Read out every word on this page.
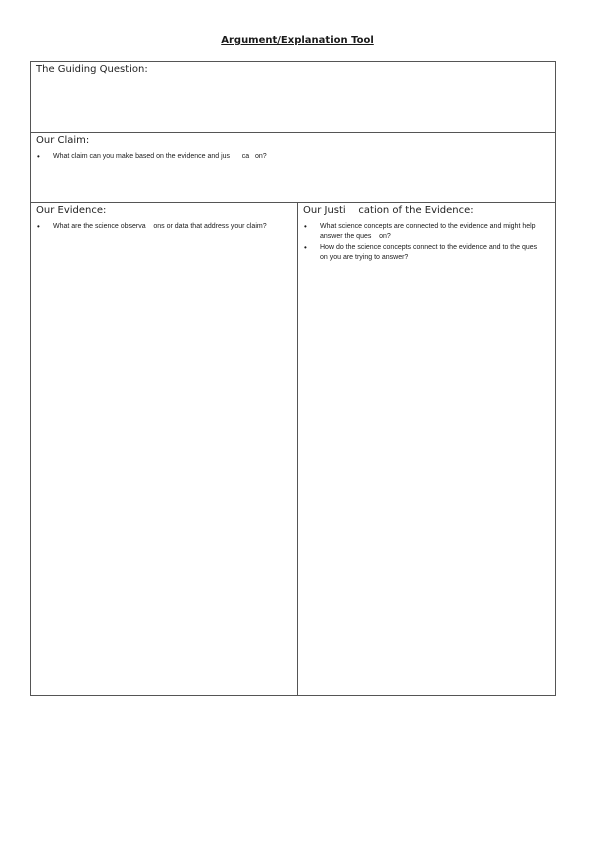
Argument/Explanation Tool
The Guiding Question:
Our Claim:
• What claim can you make based on the evidence and jus      ca   on?
Our Evidence:
• What are the science observa    ons or data that address your claim?
Our Justi    cation of the Evidence:
• What science concepts are connected to the evidence and might help answer the ques    on?
• How do the science concepts connect to the evidence and to the ques    on you are trying to answer?
